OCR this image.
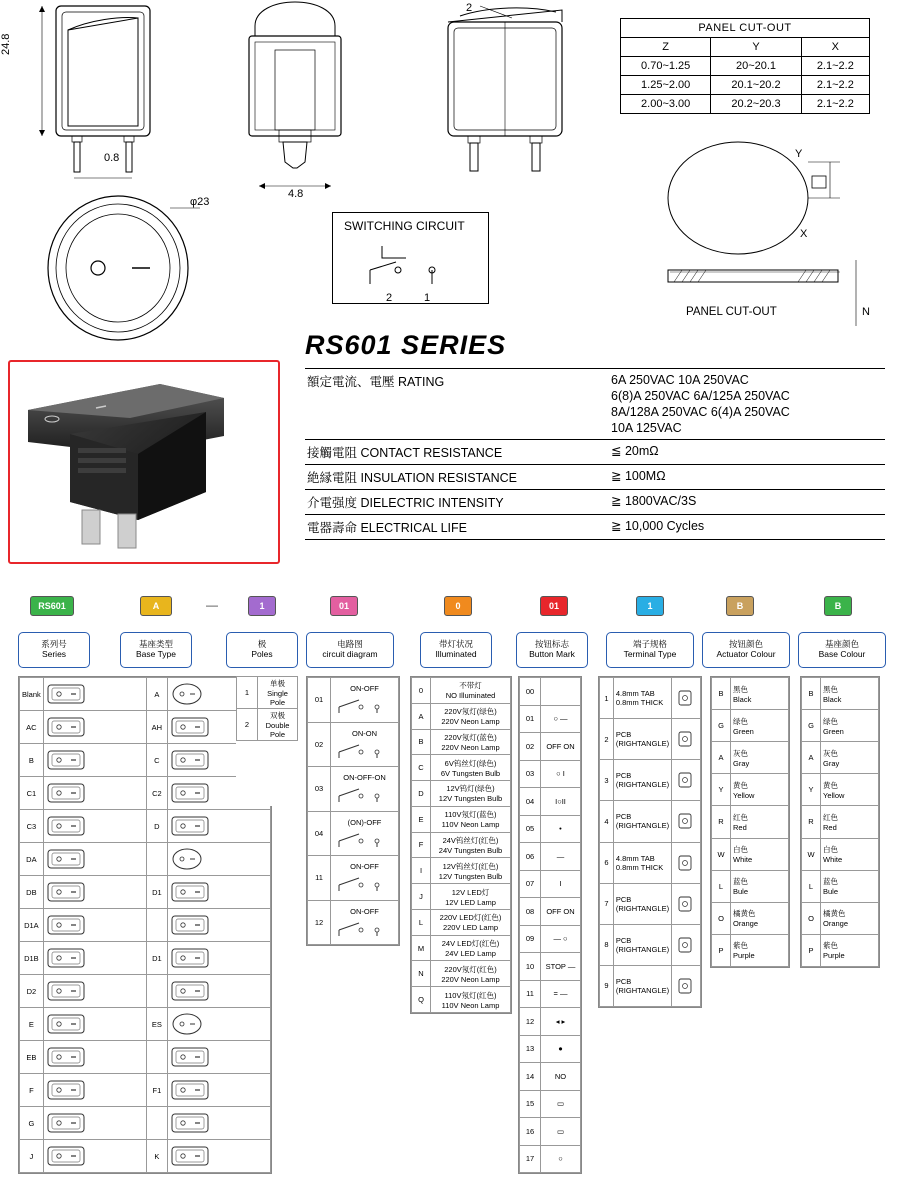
24.8
0.8
4.8
2
φ23
SWITCHING CIRCUIT
2	1
PANEL CUT-OUT		
Z	Y	X
0.70~1.25	20~20.1	2.1~2.2
1.25~2.00	20.1~20.2	2.1~2.2
2.00~3.00	20.2~20.3	2.1~2.2
Y
X
PANEL CUT-OUT	N
RS601 SERIES
額定電流、電壓 RATING	6A 250VAC 10A 250VAC
6(8)A 250VAC 6A/125A 250VAC
8A/128A 250VAC 6(4)A 250VAC
10A 125VAC

接觸電阻 CONTACT RESISTANCE	≦ 20mΩ
絶縁電阻 INSULATION RESISTANCE	≧ 100MΩ
介電强度 DIELECTRIC INTENSITY	≧ 1800VAC/3S
電器壽命 ELECTRICAL LIFE	≧ 10,000 Cycles
RS601	A	—	1	01	0	01	1	B	B
系列号
Series
基座类型
Base Type
极
Poles
电路图
circuit diagram
带灯状况
Illuminated
按钮标志
Button Mark
端子规格
Terminal Type
按钮颜色
Actuator Colour
基座颜色
Base Colour
Blank		A	

AC		AH	

B		C	

C1		C2	

C3		D	

DA	

DB		D1	

D1A	

D1B		D1	

D2	

E		ES	

EB	

F		F1	

G	

J		K	
1	单极
Single Pole
2	双极
Double Pole
01	ON-OFF

02	ON-ON

03	ON-OFF-ON

04	(ON)-OFF

11	ON-OFF

12	ON-OFF
0	不带灯
NO Illuminated

A	220V氖灯(绿色)
220V Neon Lamp

B	220V氖灯(蓝色)
220V Neon Lamp

C	6V钨丝灯(绿色)
6V Tungsten Bulb

D	12V钨灯(绿色)
12V Tungsten Bulb

E	110V氖灯(蓝色)
110V Neon Lamp

F	24V钨丝灯(红色)
24V Tungsten Bulb

I	12V钨丝灯(红色)
12V Tungsten Bulb

J	12V LED灯
12V LED Lamp

L	220V LED灯(红色)
220V LED Lamp

M	24V LED灯(红色)
24V LED Lamp

N	220V氖灯(红色)
220V Neon Lamp

Q	110V氖灯(红色)
110V Neon Lamp
00	
01	○ —
02	OFF ON
03	○ I
04	I○II
05	•
06	—
07	I
08	OFF ON
09	— ○
10	STOP —
11	= —
12	◂ ▸
13	●
14	NO
15	▭
16	▭
17	○
1	4.8mm TAB
0.8mm THICK

2	PCB
(RIGHTANGLE)

3	PCB
(RIGHTANGLE)

4	PCB
(RIGHTANGLE)

6	4.8mm TAB
0.8mm THICK

7	PCB
(RIGHTANGLE)

8	PCB
(RIGHTANGLE)

9	PCB
(RIGHTANGLE)

B	黑色
Black

G	绿色
Green

A	灰色
Gray

Y	黄色
Yellow

R	红色
Red

W	白色
White

L	蓝色
Bule

O	橘黄色
Orange

P	紫色
Purple
B	黑色
Black

G	绿色
Green

A	灰色
Gray

Y	黄色
Yellow

R	红色
Red

W	白色
White

L	蓝色
Bule

O	橘黄色
Orange

P	紫色
Purple
